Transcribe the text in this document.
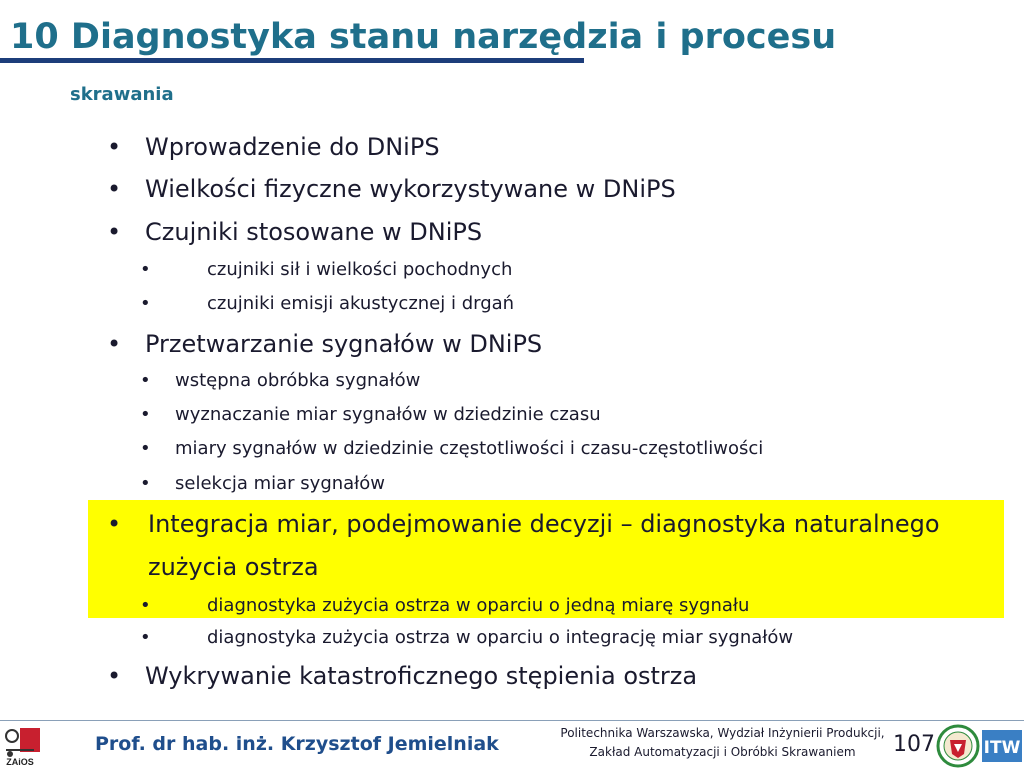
10 Diagnostyka stanu narzędzia i procesu
skrawania
• Wprowadzenie do DNiPS
• Wielkości fizyczne wykorzystywane w DNiPS
• Czujniki stosowane w DNiPS
•	czujniki sił i wielkości pochodnych
•	czujniki emisji akustycznej i drgań
• Przetwarzanie sygnałów w DNiPS
• wstępna obróbka sygnałów
• wyznaczanie miar sygnałów w dziedzinie czasu
• miary sygnałów w dziedzinie częstotliwości i czasu-częstotliwości
• selekcja miar sygnałów
• Integracja miar, podejmowanie decyzji – diagnostyka naturalnego
zużycia ostrza
•	diagnostyka zużycia ostrza w oparciu o jedną miarę sygnału
•	diagnostyka zużycia ostrza w oparciu o integrację miar sygnałów
• Wykrywanie katastroficznego stępienia ostrza
ZAiOS
Prof. dr hab. inż. Krzysztof Jemielniak	Politechnika Warszawska, Wydział Inżynierii Produkcji,
Zakład Automatyzacji i Obróbki Skrawaniem	107	ITW
